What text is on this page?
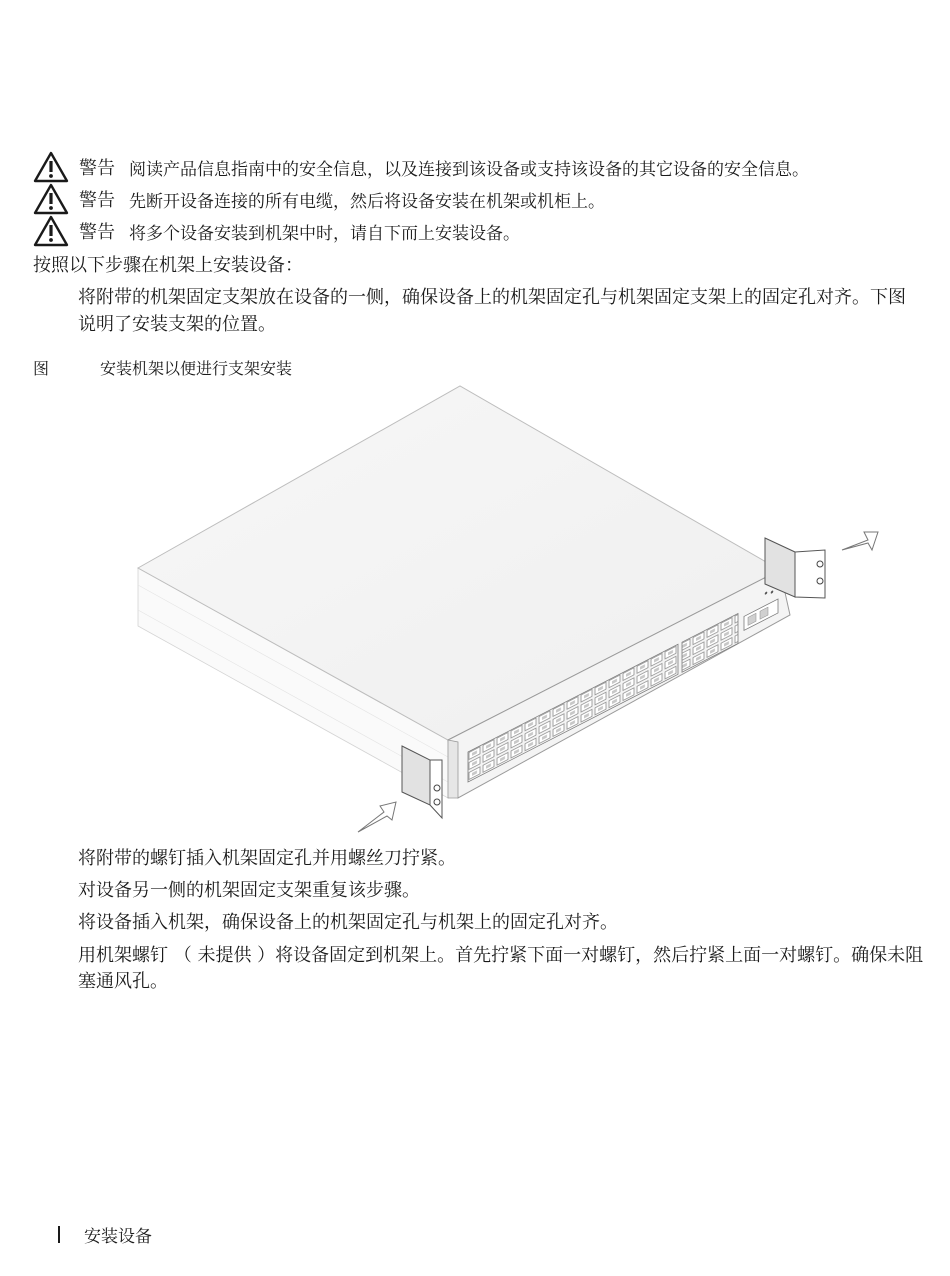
警告 阅读产品信息指南中的安全信息，以及连接到该设备或支持该设备的其它设备的安全信息。
警告 先断开设备连接的所有电缆，然后将设备安装在机架或机柜上。
警告 将多个设备安装到机架中时，请自下而上安装设备。
按照以下步骤在机架上安装设备：
将附带的机架固定支架放在设备的一侧，确保设备上的机架固定孔与机架固定支架上的固定孔对齐。下图说明了安装支架的位置。
图	安装机架以便进行支架安装
将附带的螺钉插入机架固定孔并用螺丝刀拧紧。
对设备另一侧的机架固定支架重复该步骤。
将设备插入机架，确保设备上的机架固定孔与机架上的固定孔对齐。
用机架螺钉 （ 未提供 ）将设备固定到机架上。首先拧紧下面一对螺钉，然后拧紧上面一对螺钉。确保未阻塞通风孔。
安装设备
